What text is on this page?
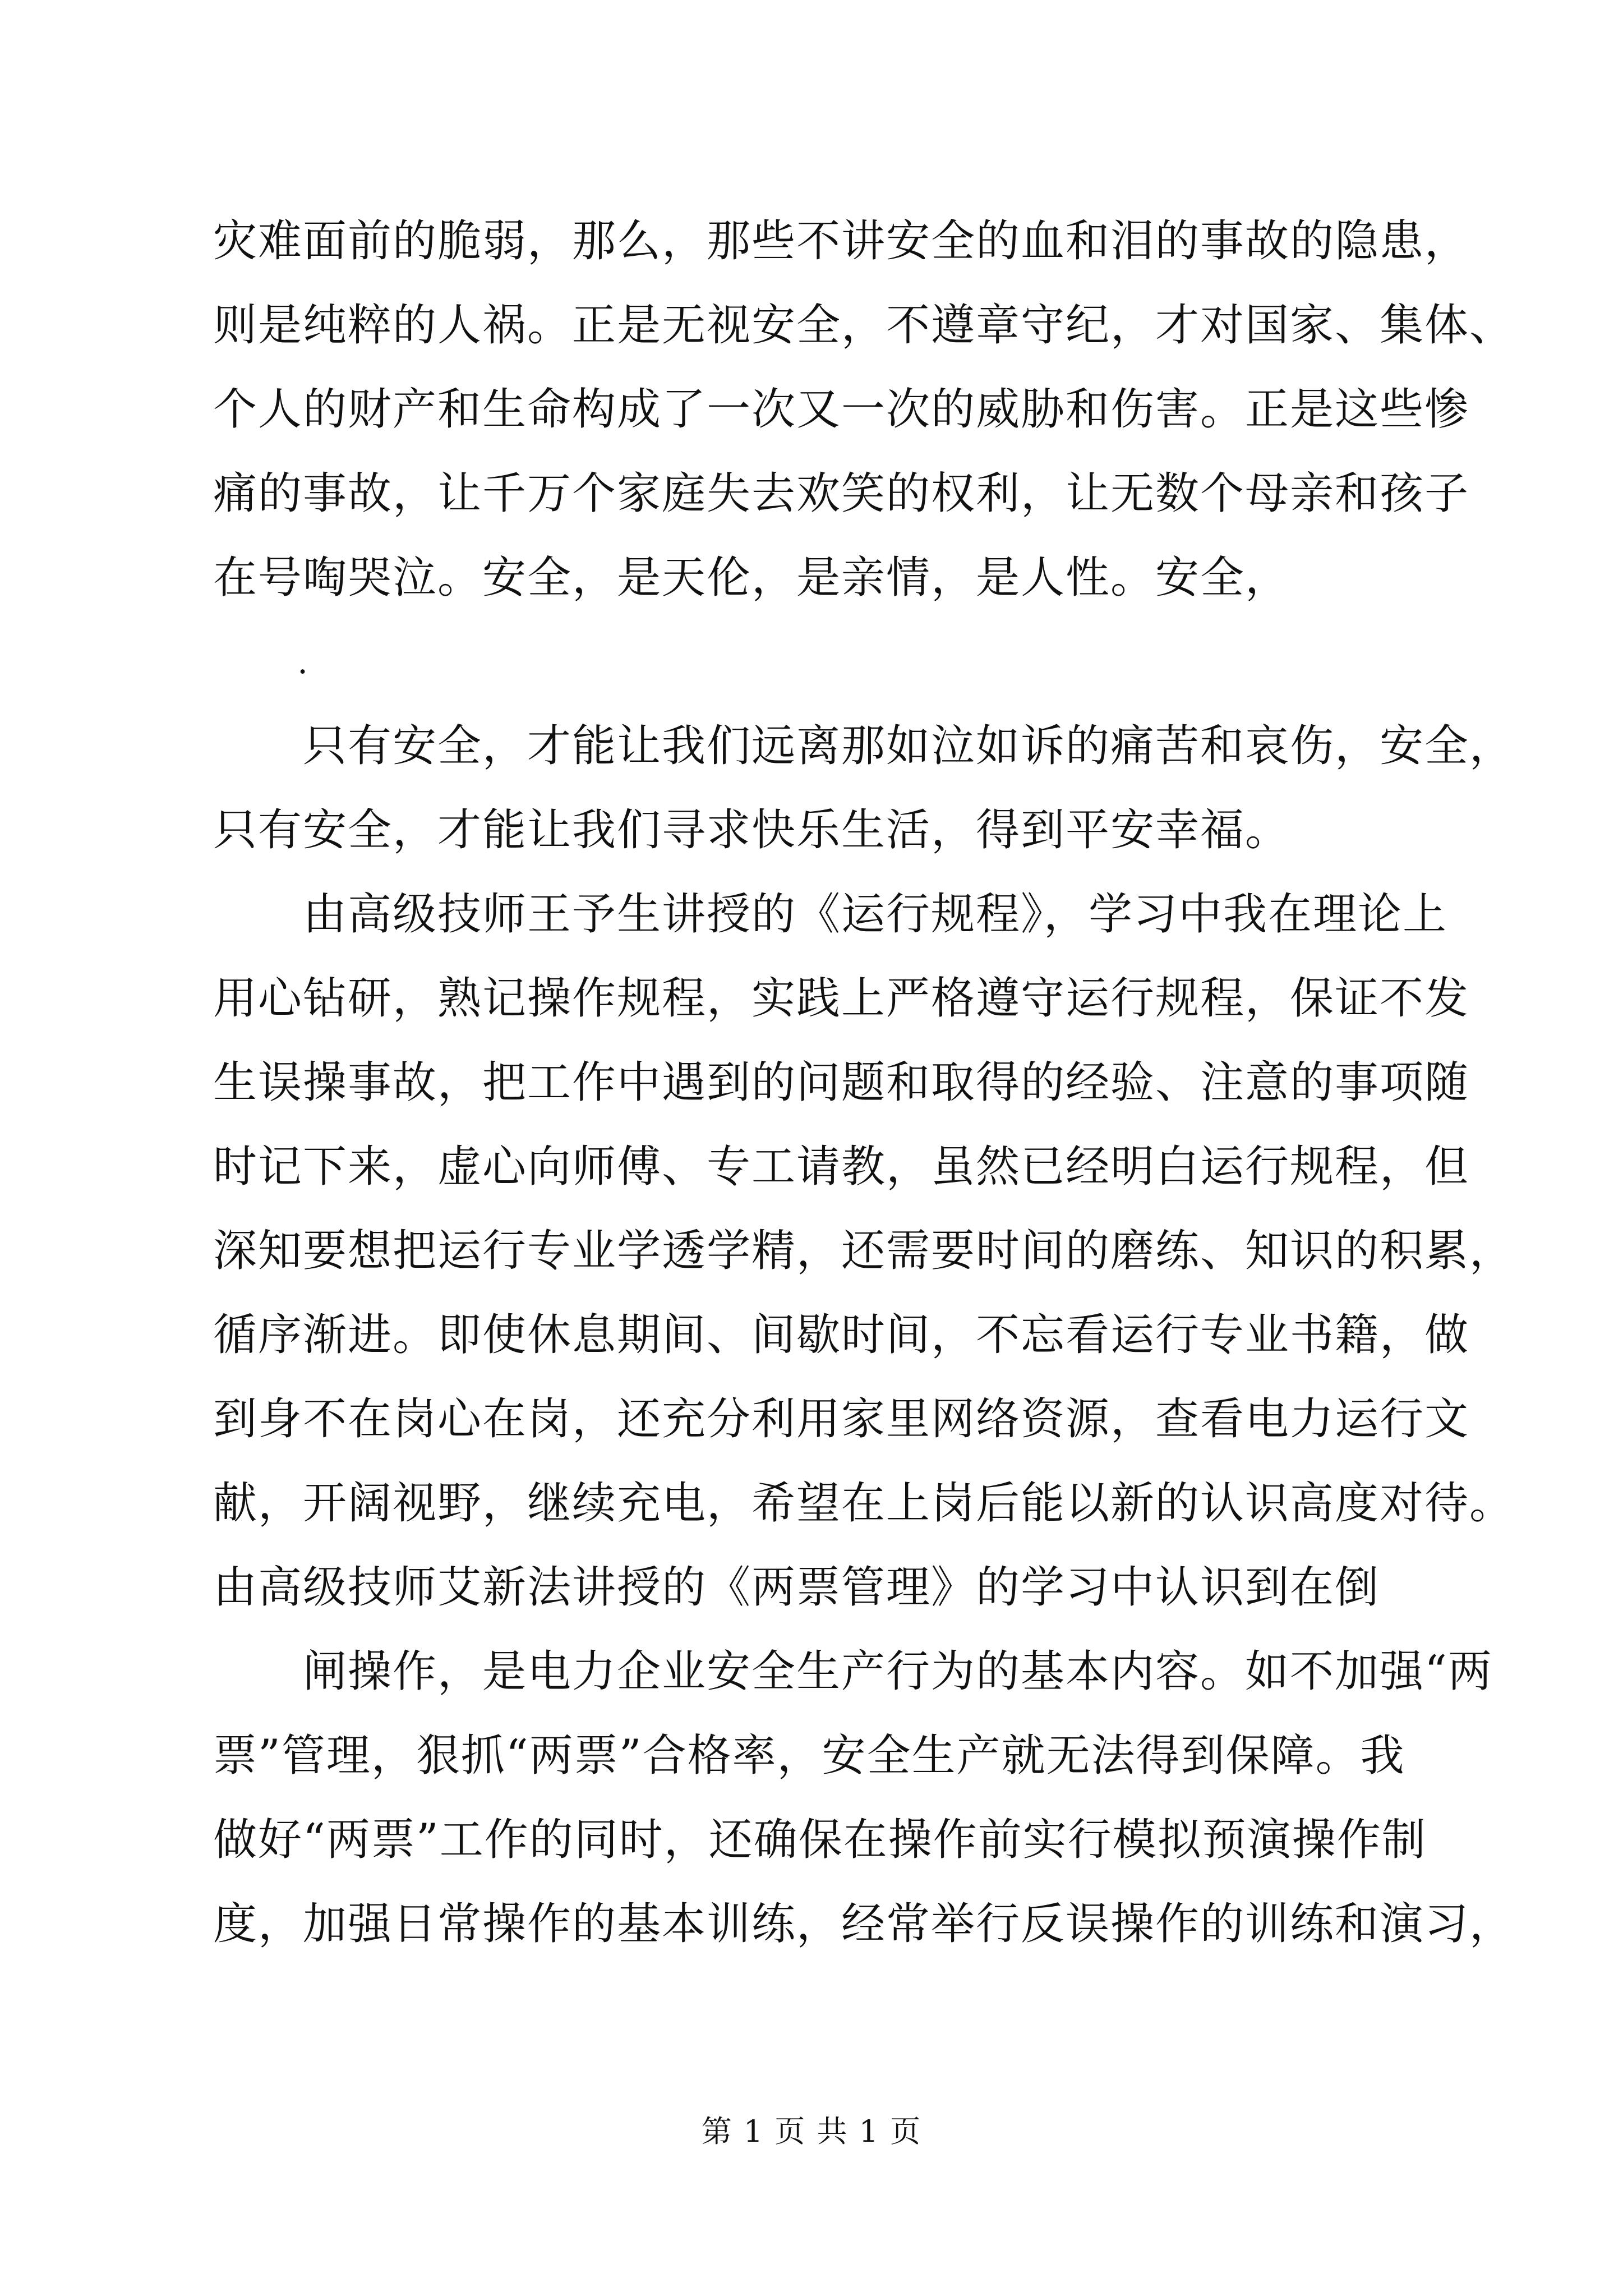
灾难面前的脆弱，那么，那些不讲安全的血和泪的事故的隐患，
则是纯粹的人祸。正是无视安全，不遵章守纪，才对国家、集体、
个人的财产和生命构成了一次又一次的威胁和伤害。正是这些惨
痛的事故，让千万个家庭失去欢笑的权利，让无数个母亲和孩子
在号啕哭泣。安全，是天伦，是亲情，是人性。安全，
.
只有安全，才能让我们远离那如泣如诉的痛苦和哀伤，安全，
只有安全，才能让我们寻求快乐生活，得到平安幸福。
由高级技师王予生讲授的《运行规程》，学习中我在理论上
用心钻研，熟记操作规程，实践上严格遵守运行规程，保证不发
生误操事故，把工作中遇到的问题和取得的经验、注意的事项随
时记下来，虚心向师傅、专工请教，虽然已经明白运行规程，但
深知要想把运行专业学透学精，还需要时间的磨练、知识的积累，
循序渐进。即使休息期间、间歇时间，不忘看运行专业书籍，做
到身不在岗心在岗，还充分利用家里网络资源，查看电力运行文
献，开阔视野，继续充电，希望在上岗后能以新的认识高度对待。
由高级技师艾新法讲授的《两票管理》的学习中认识到在倒
闸操作，是电力企业安全生产行为的基本内容。如不加强“两
票”管理，狠抓“两票”合格率，安全生产就无法得到保障。我
做好“两票”工作的同时，还确保在操作前实行模拟预演操作制
度，加强日常操作的基本训练，经常举行反误操作的训练和演习，
第 1 页 共 1 页
